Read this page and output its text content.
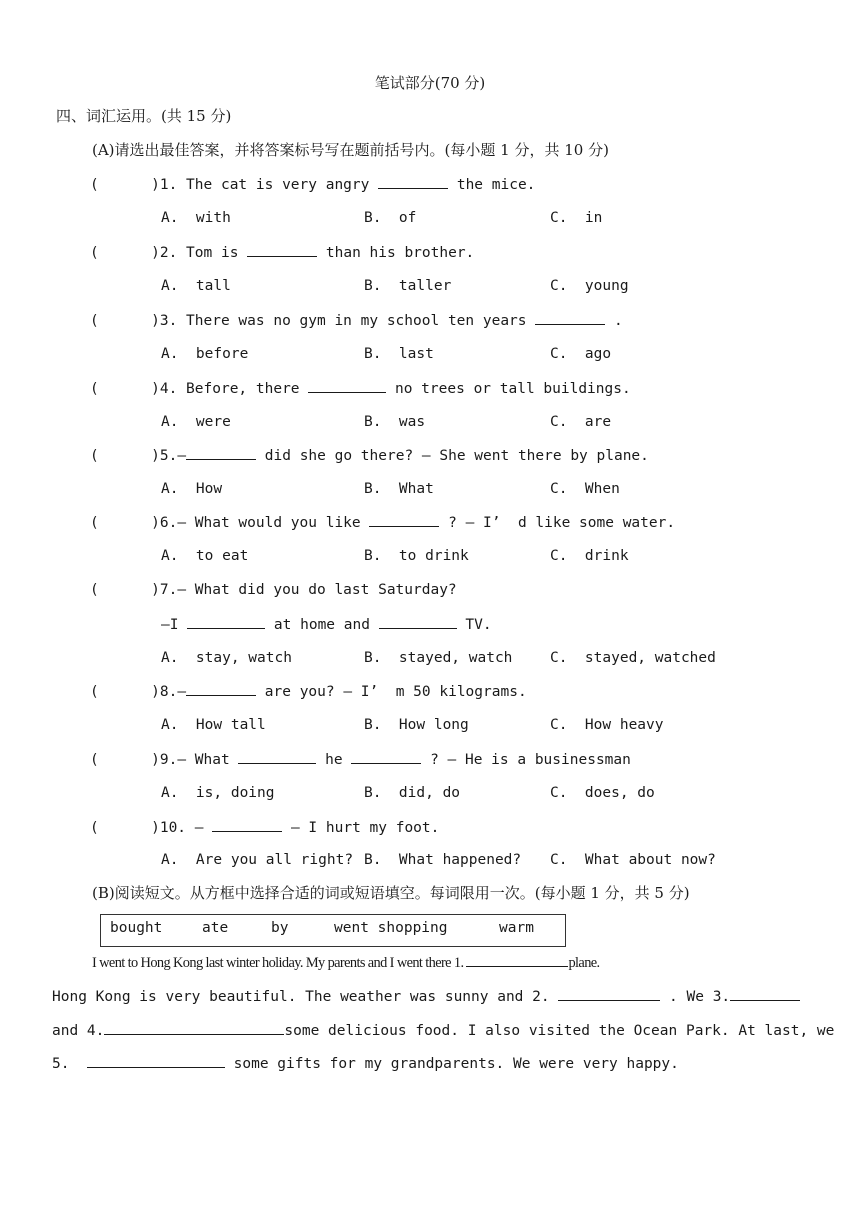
笔试部分(70 分)
四、词汇运用。(共 15 分)
(A)请选出最佳答案，并将答案标号写在题前括号内。(每小题 1 分，共 10 分)
(      )1. The cat is very angry	the mice.
A.  with	B.  of	C.  in
(      )2. Tom is	than his brother.
A.  tall	B.  taller	C.  young
(      )3. There was no gym in my school ten years	.
A.  before	B.  last	C.  ago
(      )4. Before, there	no trees or tall buildings.
A.  were	B.  was	C.  are
(      )5.—	did she go there? — She went there by plane.
A.  How	B.  What	C.  When
(      )6.— What would you like	? — I’  d like some water.
A.  to eat	B.  to drink	C.  drink
(      )7.— What did you do last Saturday?
—I	at home and	TV.
A.  stay, watch	B.  stayed, watch	C.  stayed, watched
(      )8.—	are you? — I’  m 50 kilograms.
A.  How tall	B.  How long	C.  How heavy
(      )9.— What	he	? — He is a businessman
A.  is, doing	B.  did, do	C.  does, do
(      )10. —	— I hurt my foot.
A.  Are you all right? B.  What happened? C.  What about now?
(B)阅读短文。从方框中选择合适的词或短语填空。每词限用一次。(每小题 1 分，共 5 分)
bought	ate	by	went shopping	warm
I went to Hong Kong last winter holiday. My parents and I went there 1.	plane.
Hong Kong is very beautiful. The weather was sunny and 2.	. We 3.
and 4.	some delicious food. I also visited the Ocean Park. At last, we
5.	some gifts for my grandparents. We were very happy.
